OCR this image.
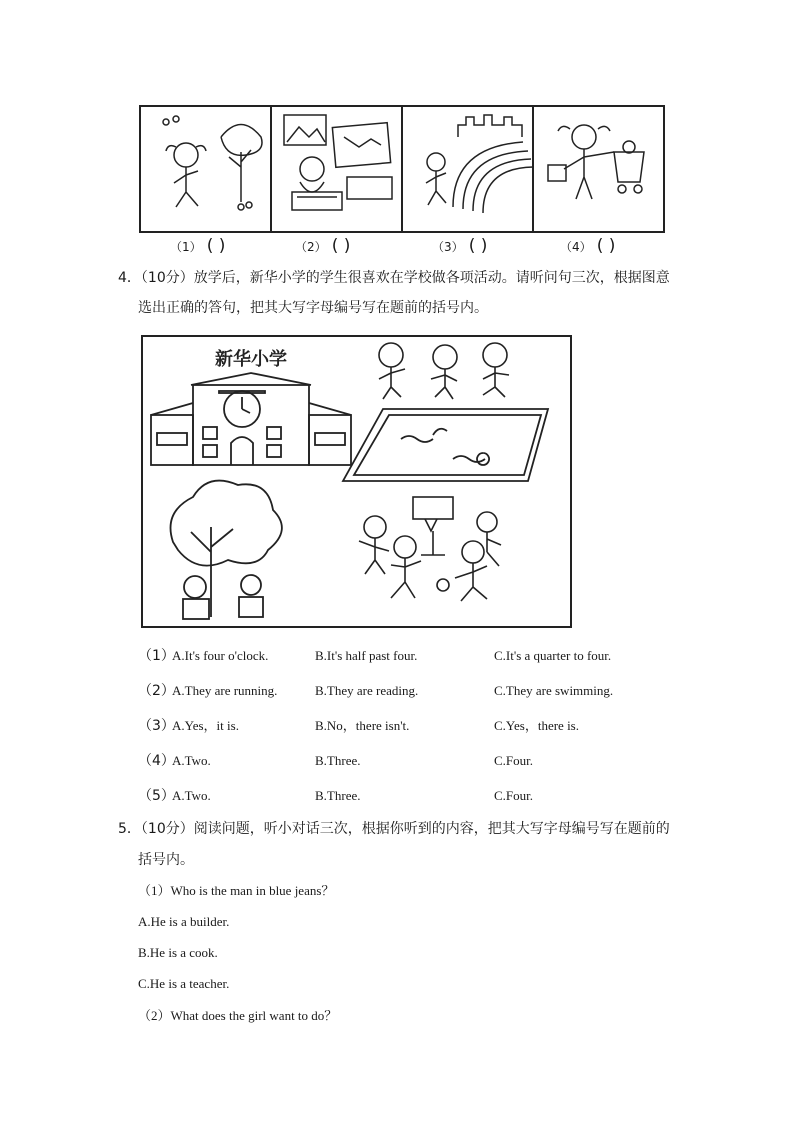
（1） ( )	（2） ( )	（3） ( )	（4） ( )
4．（10分）放学后，新华小学的学生很喜欢在学校做各项活动。请听问句三次，根据图意
选出正确的答句，把其大写字母编号写在题前的括号内。
新华小学
（1）
A.It's four o'clock.	B.It's half past four.	C.It's a quarter to four.
（2）
A.They are running.	B.They are reading.	C.They are swimming.
（3）
A.Yes，it is.	B.No，there isn't.	C.Yes，there is.
（4）
A.Two.	B.Three.	C.Four.
（5）
A.Two.	B.Three.	C.Four.
5．（10分）阅读问题，听小对话三次，根据你听到的内容，把其大写字母编号写在题前的
括号内。
（1）Who is the man in blue jeans？
A.He is a builder.
B.He is a cook.
C.He is a teacher.
（2）What does the girl want to do？
